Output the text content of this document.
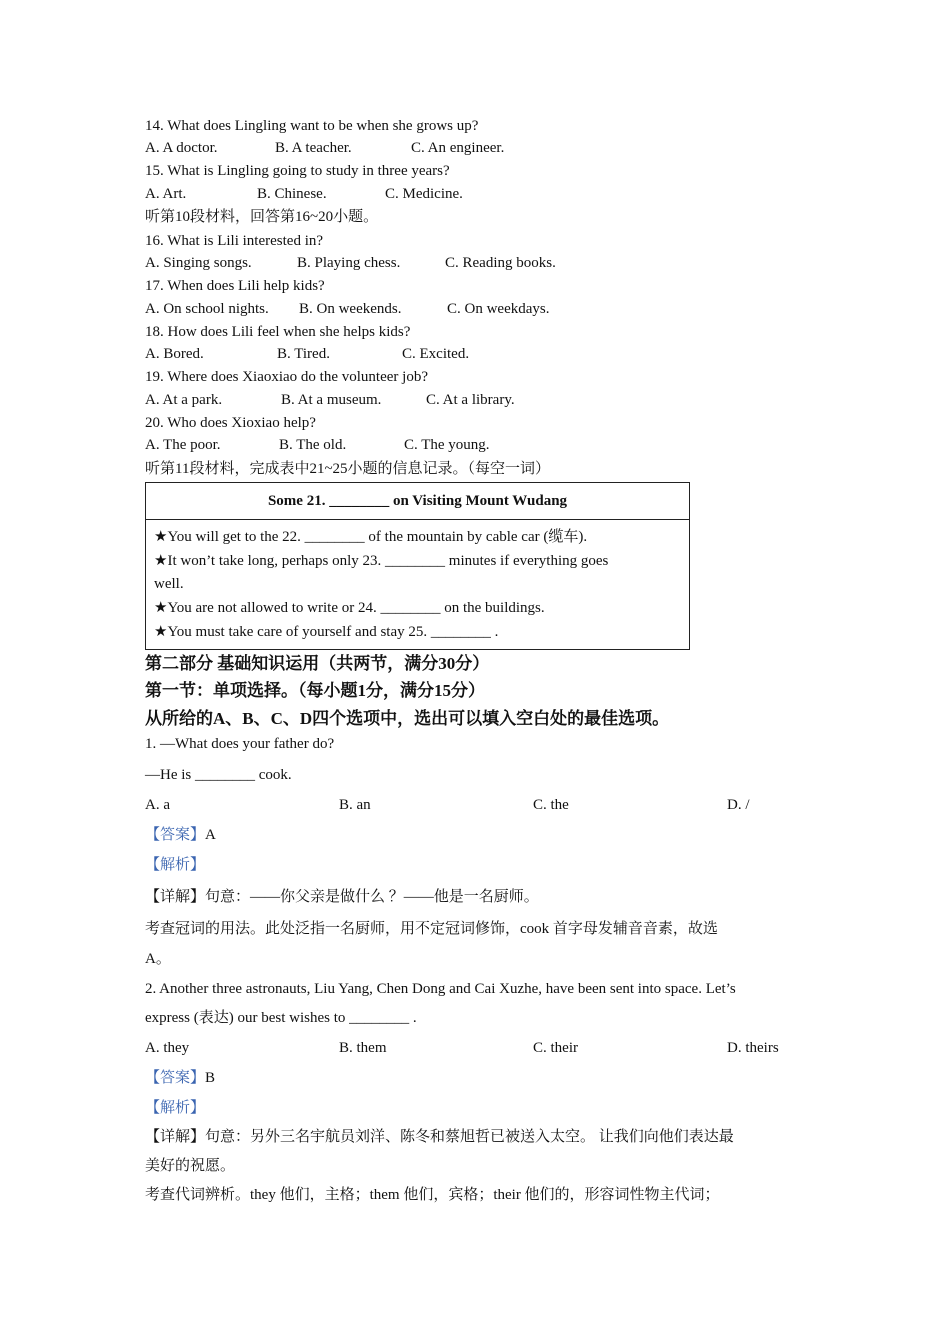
14. What does Lingling want to be when she grows up?
A. A doctor.	B. A teacher.	C. An engineer.
15. What is Lingling going to study in three years?
A. Art.	B. Chinese.	C. Medicine.
听第10段材料，回答第16~20小题。
16. What is Lili interested in?
A. Singing songs.	B. Playing chess.	C. Reading books.
17. When does Lili help kids?
A. On school nights. B. On weekends.	C. On weekdays.
18. How does Lili feel when she helps kids?
A. Bored.	B. Tired.	C. Excited.
19. Where does Xiaoxiao do the volunteer job?
A. At a park.	B. At a museum.	C. At a library.
20. Who does Xioxiao help?
A. The poor.	B. The old.	C. The young.
听第11段材料，完成表中21~25小题的信息记录。（每空一词）
Some 21. ________ on Visiting Mount Wudang
★You will get to the 22. ________ of the mountain by cable car (缆车).
★It won’t take long, perhaps only 23. ________ minutes if everything goes
well.
★You are not allowed to write or 24. ________ on the buildings.
★You must take care of yourself and stay 25. ________ .
第二部分 基础知识运用（共两节，满分30分）
第一节：单项选择。（每小题1分，满分15分）
从所给的A、B、C、D四个选项中，选出可以填入空白处的最佳选项。
1. —What does your father do?
—He is ________ cook.
A. a	B. an	C. the	D. /
【答案】A
【解析】
【详解】句意：——你父亲是做什么 ？——他是一名厨师。
考查冠词的用法。此处泛指一名厨师，用不定冠词修饰，cook 首字母发辅音音素，故选
A。
2. Another three astronauts, Liu Yang, Chen Dong and Cai Xuzhe, have been sent into space. Let’s
express (表达) our best wishes to ________ .
A. they	B. them	C. their	D. theirs
【答案】B
【解析】
【详解】句意：另外三名宇航员刘洋、陈冬和蔡旭哲已被送入太空。 让我们向他们表达最
美好的祝愿。
考查代词辨析。they 他们，主格；them 他们，宾格；their 他们的，形容词性物主代词；
